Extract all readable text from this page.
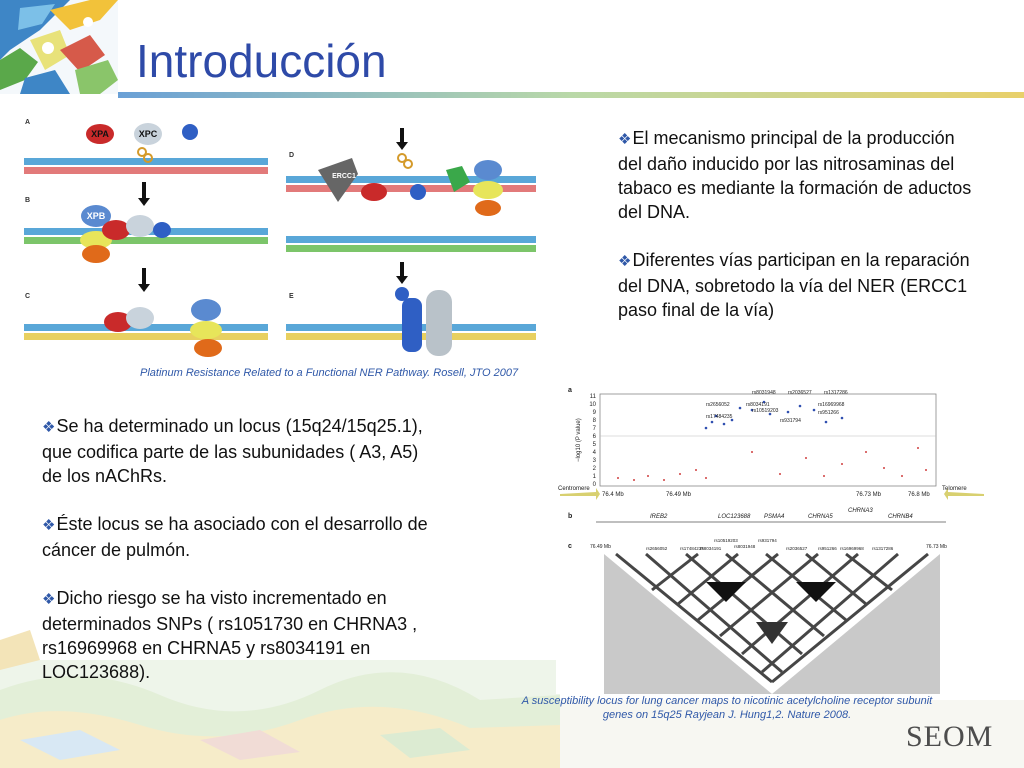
Introducción
A
B
C
D
E
XPA	XPC
XPB
ERCC1
Platinum Resistance Related to a Functional NER Pathway. Rosell, JTO 2007

❖El mecanismo principal de la producción del daño inducido por las nitrosaminas del tabaco es mediante la formación de aductos del DNA.

❖Diferentes vías participan en la reparación del DNA, sobretodo la vía del NER (ERCC1 paso final de la vía)

❖Se ha determinado un locus (15q24/15q25.1), que codifica parte de las subunidades ( A3, A5) de los nAChRs.

❖Éste locus se ha asociado con el desarrollo de cáncer de pulmón.

❖Dicho riesgo se ha visto incrementado en determinados SNPs ( rs1051730 en CHRNA3 , rs16969968 en CHRNA5 y rs8034191 en LOC123688).

a
b
c
−log10 (P value)
11
10
9
8
7
6
5
4
3
2
1
0
rs8031948 rs2036527 rs1317286
rs2656052	rs8034191	rs16969968
rs10519203	rs951266
rs17484235
rs931794
Centromere	Telomere
76.4 Mb	76.49 Mb	76.73 Mb	76.8 Mb
IREB2	LOC123688 PSMA4	CHRNA5
CHRNA3
CHRNB4
76.49 Mb	76.73 Mb
rs2656052	rs17484235
rs8034191
rs10519203
rs8031948
rs931794
rs2036527 rs951266 rs16969968 rs1317286
A susceptibility locus for lung cancer maps to nicotinic acetylcholine receptor subunit genes on 15q25 Rayjean J. Hung1,2. Nature 2008.
SEOM
